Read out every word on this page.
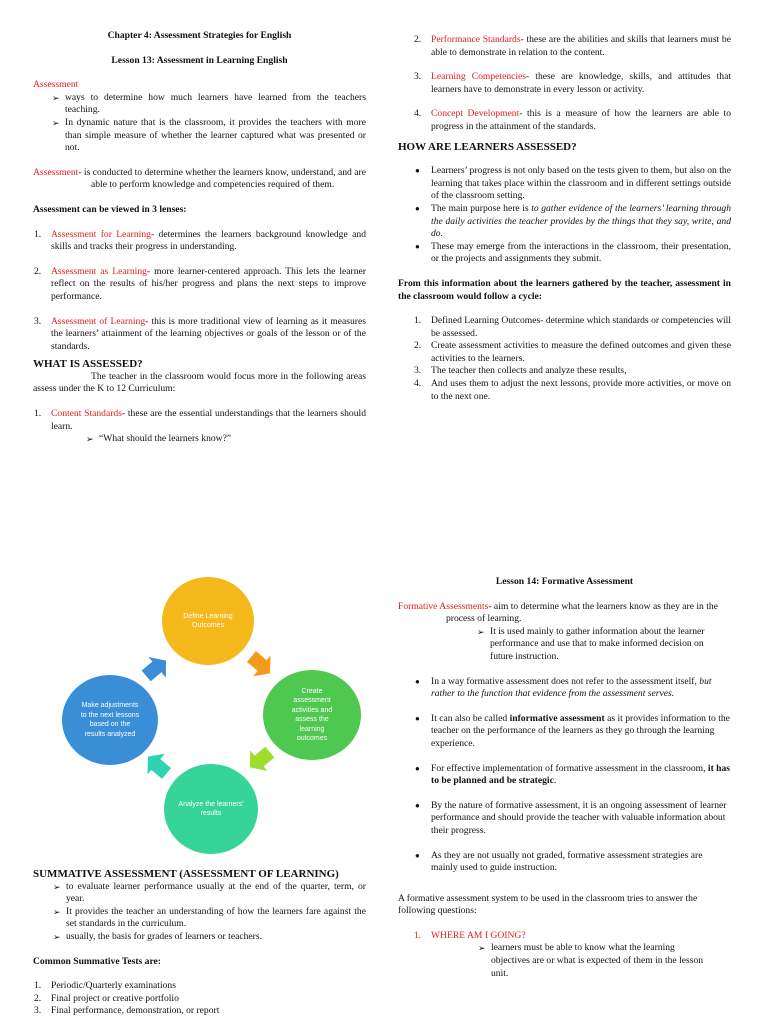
Chapter 4: Assessment Strategies for English
Lesson 13: Assessment in Learning English
Assessment
➢ ways to determine how much learners have learned from the teachers teaching.
➢ In dynamic nature that is the classroom, it provides the teachers with more than simple measure of whether the learner captured what was presented or not.
Assessment- is conducted to determine whether the learners know, understand, and are able to perform knowledge and competencies required of them.
Assessment can be viewed in 3 lenses:
1. Assessment for Learning- determines the learners background knowledge and skills and tracks their progress in understanding.
2. Assessment as Learning- more learner-centered approach. This lets the learner reflect on the results of his/her progress and plans the next steps to improve performance.
3. Assessment of Learning- this is more traditional view of learning as it measures the learners’ attainment of the learning objectives or goals of the lesson or of the standards.
WHAT IS ASSESSED?
The teacher in the classroom would focus more in the following areas assess under the K to 12 Curriculum:
1. Content Standards- these are the essential understandings that the learners should learn.
➢ “What should the learners know?”
2. Performance Standards- these are the abilities and skills that learners must be able to demonstrate in relation to the content.
3. Learning Competencies- these are knowledge, skills, and attitudes that learners have to demonstrate in every lesson or activity.
4. Concept Development- this is a measure of how the learners are able to progress in the attainment of the standards.
HOW ARE LEARNERS ASSESSED?
● Learners’ progress is not only based on the tests given to them, but also on the learning that takes place within the classroom and in different settings outside of the classroom setting.
● The main purpose here is to gather evidence of the learners’ learning through the daily activities the teacher provides by the things that they say, write, and do.
● These may emerge from the interactions in the classroom, their presentation, or the projects and assignments they submit.
From this information about the learners gathered by the teacher, assessment in the classroom would follow a cycle:
1. Defined Learning Outcomes- determine which standards or competencies will be assessed.
2. Create assessment activities to measure the defined outcomes and given these activities to the learners.
3. The teacher then collects and analyze these results,
4. And uses them to adjust the next lessons, provide more activities, or move on to the next one.
Define Learning Outcomes
Create assessment activities and assess the learning outcomes
Analyze the learners' results
Make adjustments to the next lessons based on the results analyzed
SUMMATIVE ASSESSMENT (ASSESSMENT OF LEARNING)
➢ to evaluate learner performance usually at the end of the quarter, term, or year.
➢ It provides the teacher an understanding of how the learners fare against the set standards in the curriculum.
➢ usually, the basis for grades of learners or teachers.
Common Summative Tests are:
1. Periodic/Quarterly examinations
2. Final project or creative portfolio
3. Final performance, demonstration, or report
Lesson 14: Formative Assessment
Formative Assessments- aim to determine what the learners know as they are in the process of learning.
➢ It is used mainly to gather information about the learner performance and use that to make informed decision on future instruction.
● In a way formative assessment does not refer to the assessment itself, but rather to the function that evidence from the assessment serves.
● It can also be called informative assessment as it provides information to the teacher on the performance of the learners as they go through the learning experience.
● For effective implementation of formative assessment in the classroom, it has to be planned and be strategic.
● By the nature of formative assessment, it is an ongoing assessment of learner performance and should provide the teacher with valuable information about their progress.
● As they are not usually not graded, formative assessment strategies are mainly used to guide instruction.
A formative assessment system to be used in the classroom tries to answer the following questions:
1. WHERE AM I GOING?
➢ learners must be able to know what the learning objectives are or what is expected of them in the lesson unit.
